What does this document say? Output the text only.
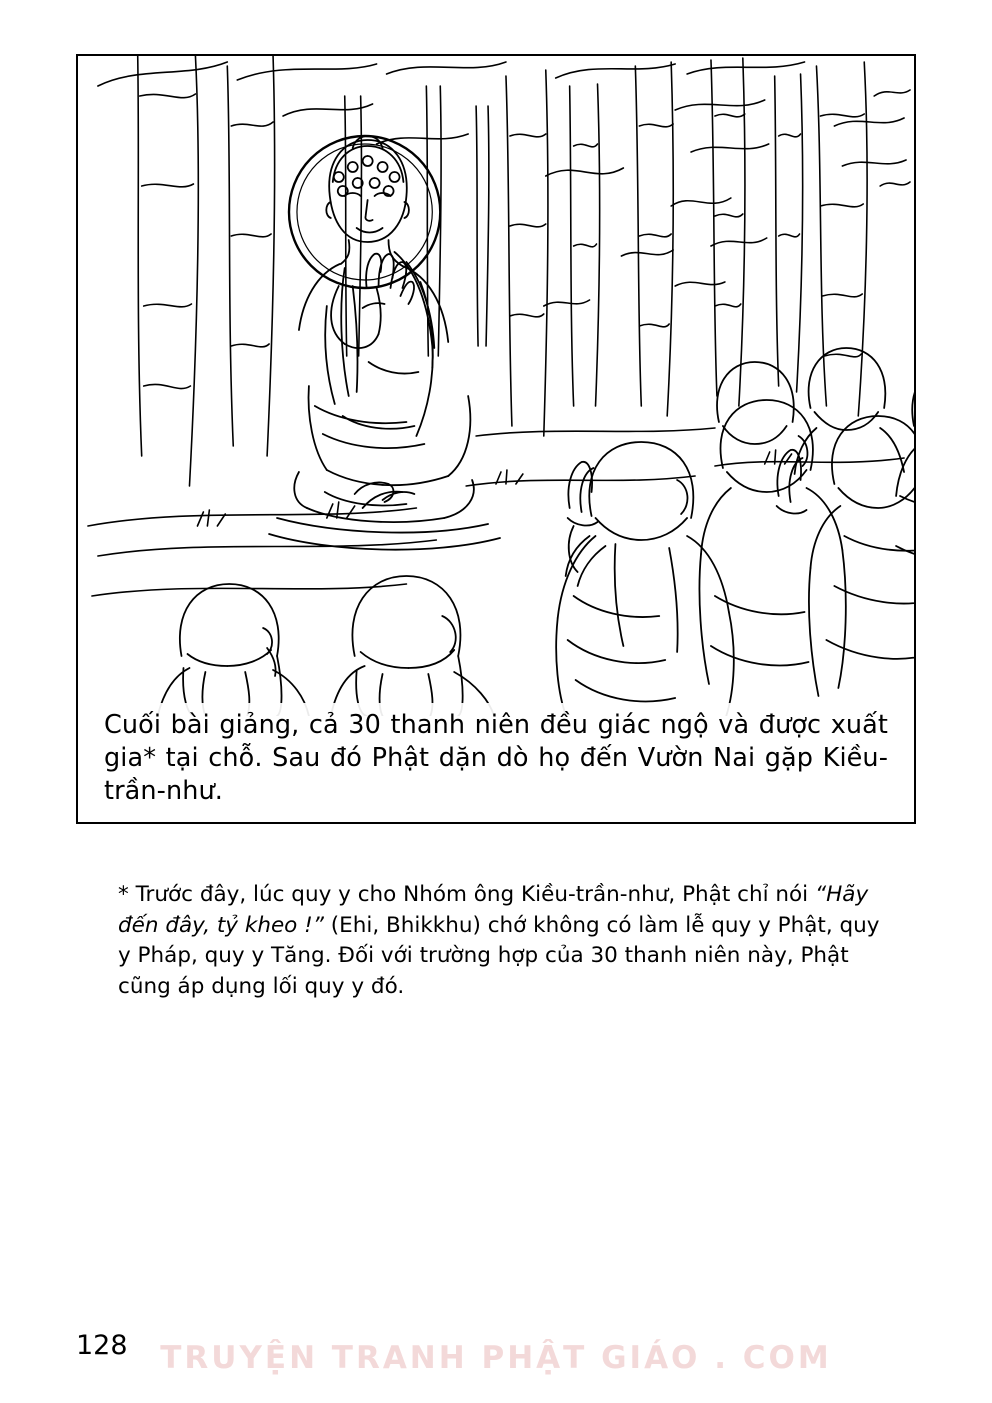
Cuối bài giảng, cả 30 thanh niên đều giác ngộ và được xuất gia* tại chỗ. Sau đó Phật dặn dò họ đến Vườn Nai gặp Kiều-trần-như.

* Trước đây, lúc quy y cho Nhóm ông Kiều-trần-như, Phật chỉ nói “Hãy đến đây, tỷ kheo !” (Ehi, Bhikkhu) chớ không có làm lễ quy y Phật, quy y Pháp, quy y Tăng. Đối với trường hợp của 30 thanh niên này, Phật cũng áp dụng lối quy y đó.

128	TRUYỆN TRANH PHẬT GIÁO . COM
